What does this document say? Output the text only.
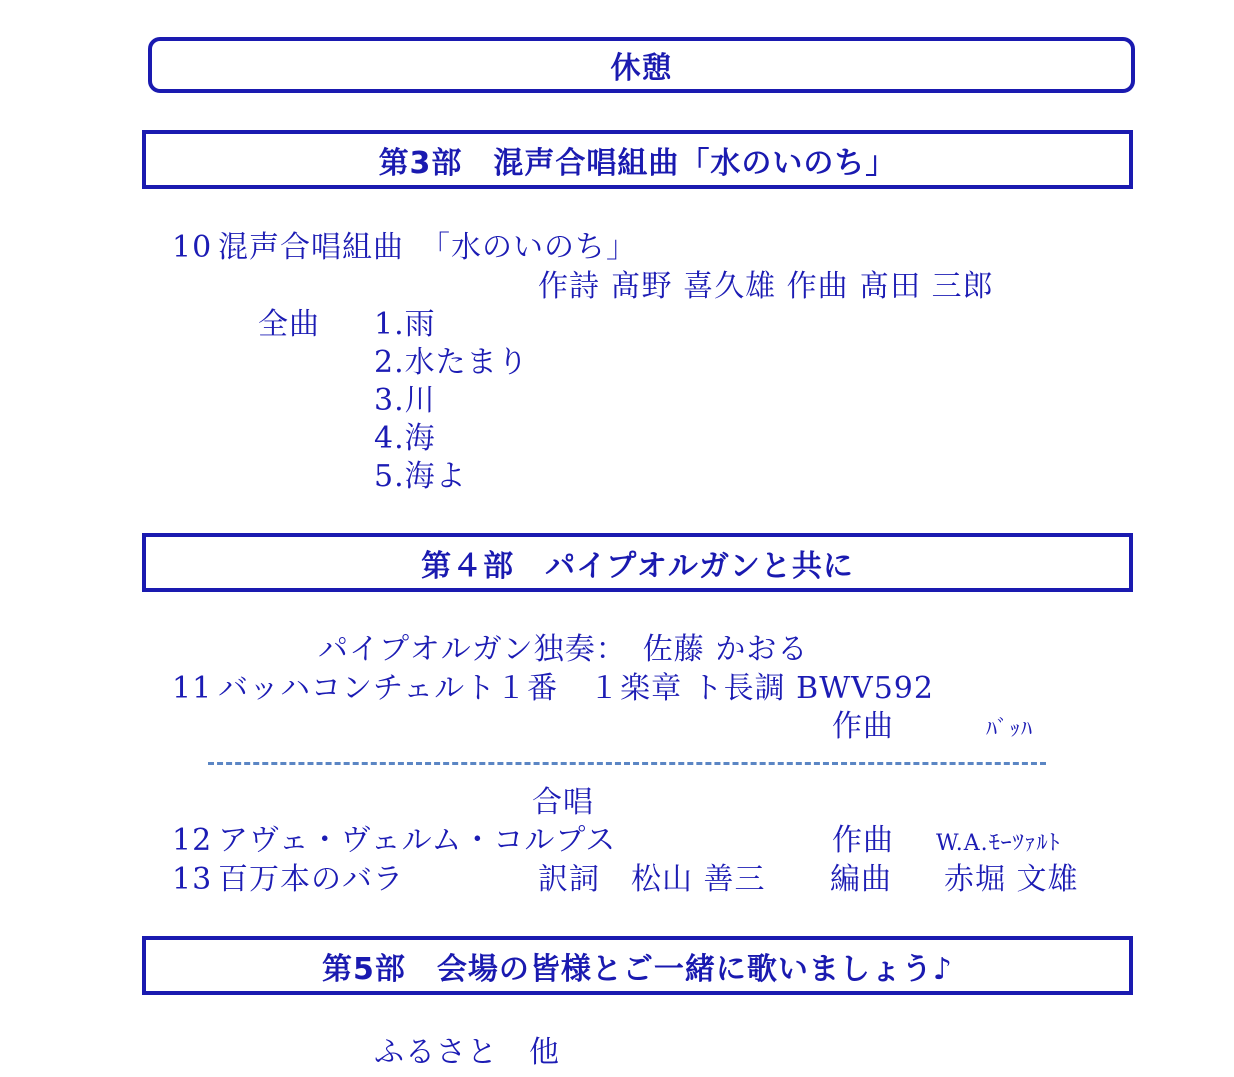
休憩
第3部　混声合唱組曲「水のいのち」
10 混声合唱組曲　「水のいのち」
作詩 髙野 喜久雄 作曲 髙田 三郎
全曲 1.雨
2.水たまり
3.川
4.海
5.海よ
第４部　パイプオルガンと共に
パイプオルガン独奏：　佐藤 かおる
11 バッハコンチェルト１番　１楽章 ト長調 BWV592
作曲	ﾊﾞｯﾊ
合唱
12 アヴェ・ヴェルム・コルプス	作曲 W.A.ﾓｰﾂｧﾙﾄ
13 百万本のバラ	訳詞　松山 善三 編曲 赤堀 文雄
第5部　会場の皆様とご一緒に歌いましょう♪
ふるさと　他
